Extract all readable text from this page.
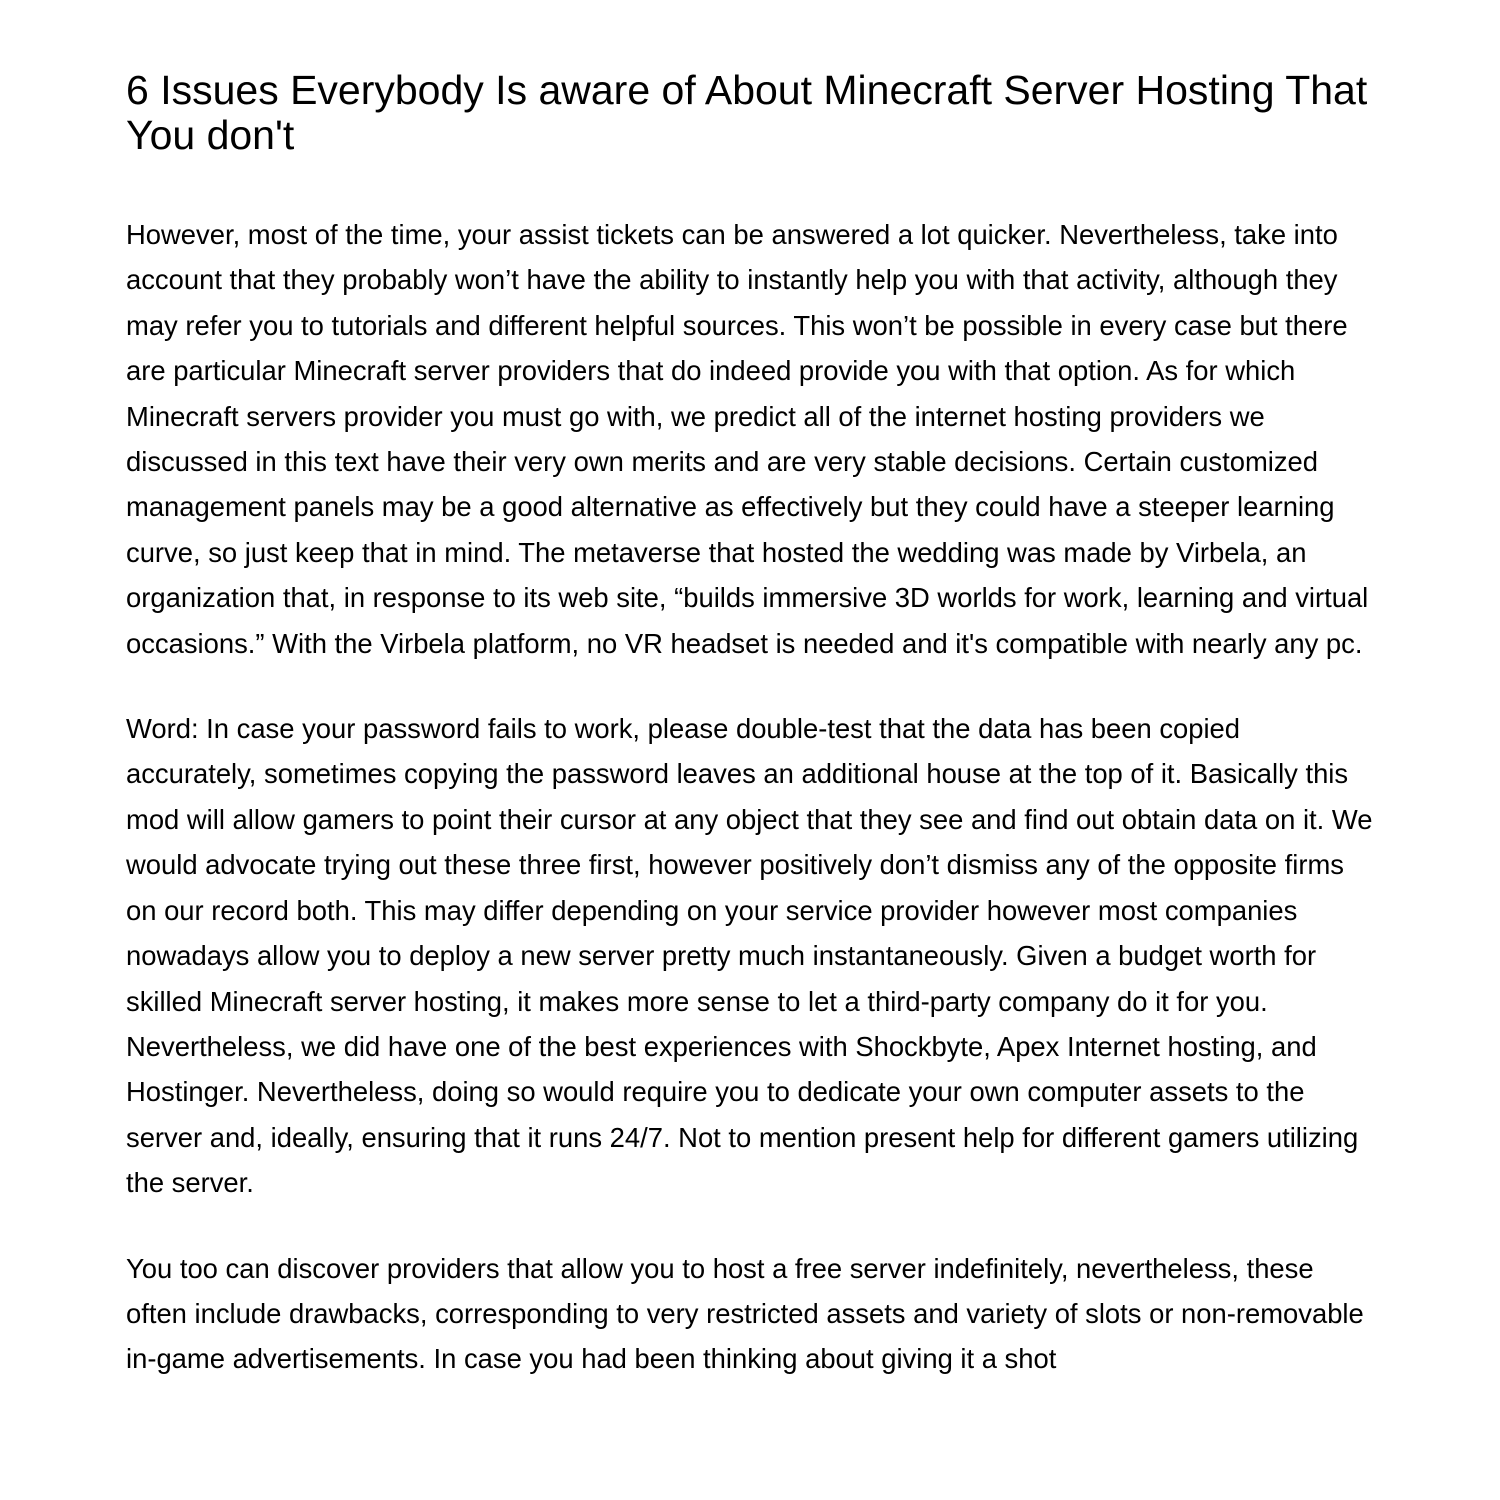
6 Issues Everybody Is aware of About Minecraft Server Hosting That You don't

However, most of the time, your assist tickets can be answered a lot quicker. Nevertheless, take into account that they probably won’t have the ability to instantly help you with that activity, although they may refer you to tutorials and different helpful sources. This won’t be possible in every case but there are particular Minecraft server providers that do indeed provide you with that option. As for which Minecraft servers provider you must go with, we predict all of the internet hosting providers we discussed in this text have their very own merits and are very stable decisions. Certain customized management panels may be a good alternative as effectively but they could have a steeper learning curve, so just keep that in mind. The metaverse that hosted the wedding was made by Virbela, an organization that, in response to its web site, “builds immersive 3D worlds for work, learning and virtual occasions.” With the Virbela platform, no VR headset is needed and it's compatible with nearly any pc.

Word: In case your password fails to work, please double-test that the data has been copied accurately, sometimes copying the password leaves an additional house at the top of it. Basically this mod will allow gamers to point their cursor at any object that they see and find out obtain data on it. We would advocate trying out these three first, however positively don’t dismiss any of the opposite firms on our record both. This may differ depending on your service provider however most companies nowadays allow you to deploy a new server pretty much instantaneously. Given a budget worth for skilled Minecraft server hosting, it makes more sense to let a third-party company do it for you. Nevertheless, we did have one of the best experiences with Shockbyte, Apex Internet hosting, and Hostinger. Nevertheless, doing so would require you to dedicate your own computer assets to the server and, ideally, ensuring that it runs 24/7. Not to mention present help for different gamers utilizing the server.

You too can discover providers that allow you to host a free server indefinitely, nevertheless, these often include drawbacks, corresponding to very restricted assets and variety of slots or non-removable in-game advertisements. In case you had been thinking about giving it a shot
